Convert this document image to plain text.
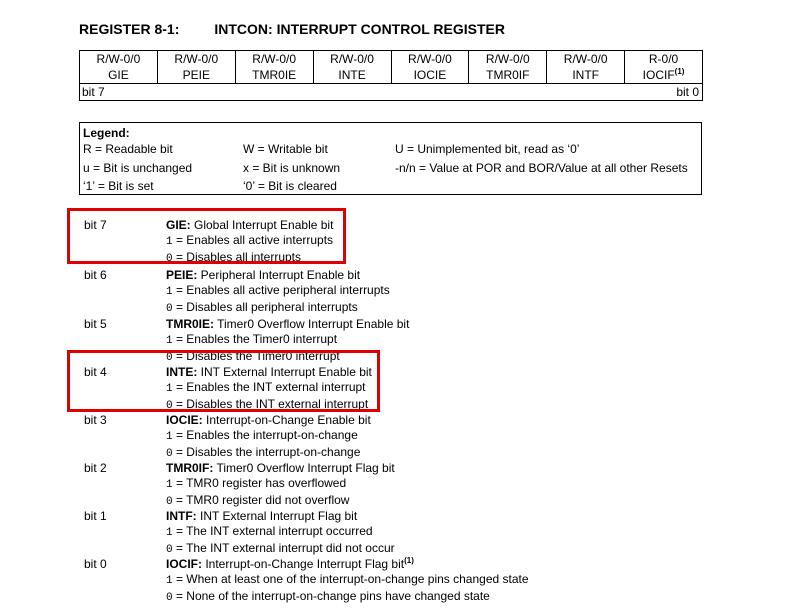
REGISTER 8-1:	INTCON: INTERRUPT CONTROL REGISTER
R/W-0/0	R/W-0/0	R/W-0/0	R/W-0/0	R/W-0/0	R/W-0/0	R/W-0/0	R-0/0
GIE	PEIE	TMR0IE	INTE	IOCIE	TMR0IF	INTF	IOCIF$^{(1)}$
bit 7				bit 0			
Legend:
R = Readable bit	W = Writable bit	U = Unimplemented bit, read as ‘0’
u = Bit is unchanged	x = Bit is unknown	-n/n = Value at POR and BOR/Value at all other Resets
‘1’ = Bit is set	‘0’ = Bit is cleared
bit 7	GIE: Global Interrupt Enable bit
1 = Enables all active interrupts
0 = Disables all interrupts
bit 6	PEIE: Peripheral Interrupt Enable bit
1 = Enables all active peripheral interrupts
0 = Disables all peripheral interrupts
bit 5	TMR0IE: Timer0 Overflow Interrupt Enable bit
1 = Enables the Timer0 interrupt
0 = Disables the Timer0 interrupt
bit 4	INTE: INT External Interrupt Enable bit
1 = Enables the INT external interrupt
0 = Disables the INT external interrupt
bit 3	IOCIE: Interrupt-on-Change Enable bit
1 = Enables the interrupt-on-change
0 = Disables the interrupt-on-change
bit 2	TMR0IF: Timer0 Overflow Interrupt Flag bit
1 = TMR0 register has overflowed
0 = TMR0 register did not overflow
bit 1	INTF: INT External Interrupt Flag bit
1 = The INT external interrupt occurred
0 = The INT external interrupt did not occur
bit 0	IOCIF: Interrupt-on-Change Interrupt Flag bit$^{(1)}$
1 = When at least one of the interrupt-on-change pins changed state
0 = None of the interrupt-on-change pins have changed state
